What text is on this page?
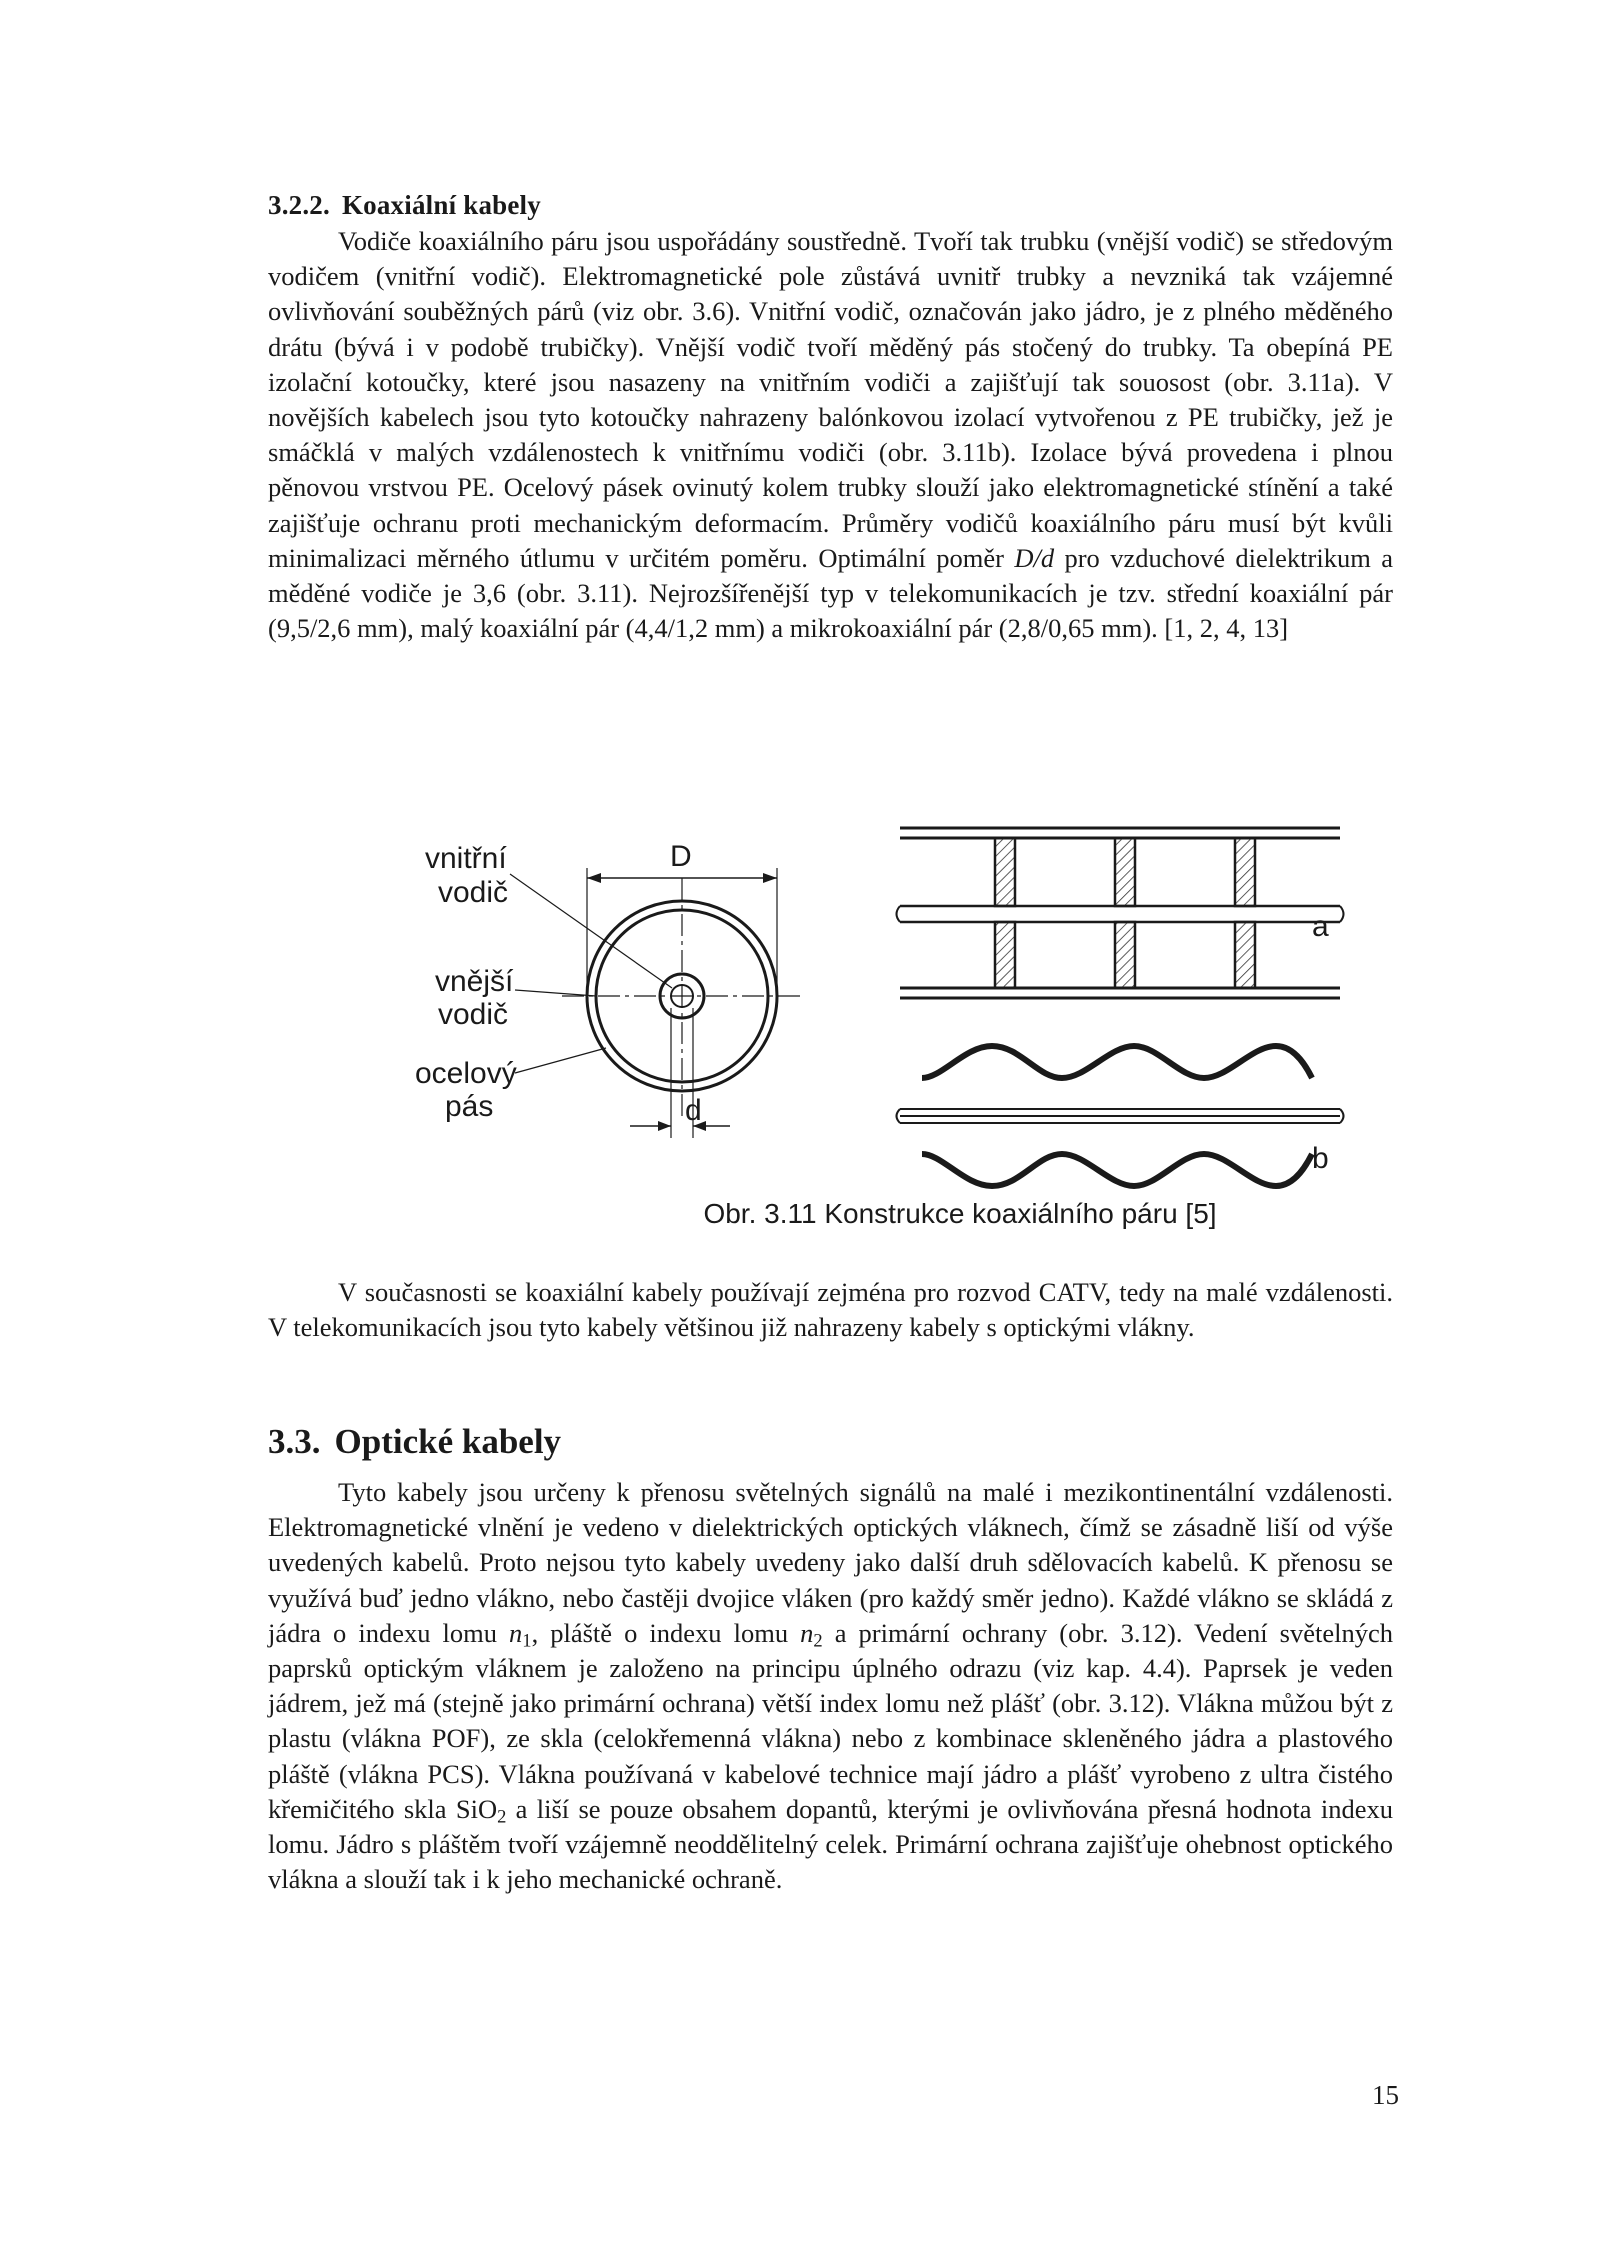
3.2.2. Koaxiální kabely
Vodiče koaxiálního páru jsou uspořádány soustředně. Tvoří tak trubku (vnější vodič) se středovým vodičem (vnitřní vodič). Elektromagnetické pole zůstává uvnitř trubky a nevzniká tak vzájemné ovlivňování souběžných párů (viz obr. 3.6). Vnitřní vodič, označován jako jádro, je z plného měděného drátu (bývá i v podobě trubičky). Vnější vodič tvoří měděný pás stočený do trubky. Ta obepíná PE izolační kotoučky, které jsou nasazeny na vnitřním vodiči a zajišťují tak souosost (obr. 3.11a). V novějších kabelech jsou tyto kotoučky nahrazeny balónkovou izolací vytvořenou z PE trubičky, jež je smáčklá v malých vzdálenostech k vnitřnímu vodiči (obr. 3.11b). Izolace bývá provedena i plnou pěnovou vrstvou PE. Ocelový pásek ovinutý kolem trubky slouží jako elektromagnetické stínění a také zajišťuje ochranu proti mechanickým deformacím. Průměry vodičů koaxiálního páru musí být kvůli minimalizaci měrného útlumu v určitém poměru. Optimální poměr D/d pro vzduchové dielektrikum a měděné vodiče je 3,6 (obr. 3.11). Nejrozšířenější typ v telekomunikacích je tzv. střední koaxiální pár (9,5/2,6 mm), malý koaxiální pár (4,4/1,2 mm) a mikrokoaxiální pár (2,8/0,65 mm). [1, 2, 4, 13]
vnitřní
vodič
vnější
vodič
ocelový
pás
D
d
a
b
Obr. 3.11 Konstrukce koaxiálního páru [5]
V současnosti se koaxiální kabely používají zejména pro rozvod CATV, tedy na malé vzdálenosti. V telekomunikacích jsou tyto kabely většinou již nahrazeny kabely s optickými vlákny.
3.3. Optické kabely
Tyto kabely jsou určeny k přenosu světelných signálů na malé i mezikontinentální vzdálenosti. Elektromagnetické vlnění je vedeno v dielektrických optických vláknech, čímž se zásadně liší od výše uvedených kabelů. Proto nejsou tyto kabely uvedeny jako další druh sdělovacích kabelů. K přenosu se využívá buď jedno vlákno, nebo častěji dvojice vláken (pro každý směr jedno). Každé vlákno se skládá z jádra o indexu lomu $n_1$, pláště o indexu lomu $n_2$ a primární ochrany (obr. 3.12). Vedení světelných paprsků optickým vláknem je založeno na principu úplného odrazu (viz kap. 4.4). Paprsek je veden jádrem, jež má (stejně jako primární ochrana) větší index lomu než plášť (obr. 3.12). Vlákna můžou být z plastu (vlákna POF), ze skla (celokřemenná vlákna) nebo z kombinace skleněného jádra a plastového pláště (vlákna PCS). Vlákna používaná v kabelové technice mají jádro a plášť vyrobeno z ultra čistého křemičitého skla SiO$_2$ a liší se pouze obsahem dopantů, kterými je ovlivňována přesná hodnota indexu lomu. Jádro s pláštěm tvoří vzájemně neoddělitelný celek. Primární ochrana zajišťuje ohebnost optického vlákna a slouží tak i k jeho mechanické ochraně.
15
